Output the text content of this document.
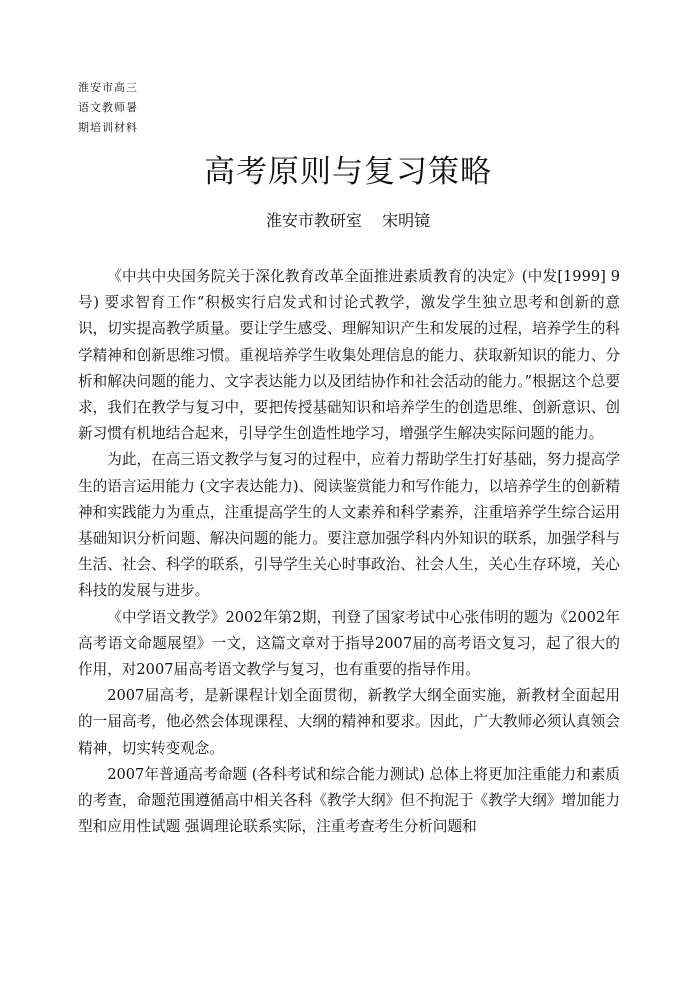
淮安市高三
语文教师暑
期培训材料
高考原则与复习策略
淮安市教研室    宋明镜

《中共中央国务院关于深化教育改革全面推进素质教育的决定》(中发[1999] 9号) 要求智育工作“积极实行启发式和讨论式教学，激发学生独立思考和创新的意识，切实提高教学质量。要让学生感受、理解知识产生和发展的过程，培养学生的科学精神和创新思维习惯。重视培养学生收集处理信息的能力、获取新知识的能力、分析和解决问题的能力、文字表达能力以及团结协作和社会活动的能力。”根据这个总要求，我们在教学与复习中，要把传授基础知识和培养学生的创造思维、创新意识、创新习惯有机地结合起来，引导学生创造性地学习，增强学生解决实际问题的能力。

为此，在高三语文教学与复习的过程中，应着力帮助学生打好基础，努力提高学生的语言运用能力 (文字表达能力)、阅读鉴赏能力和写作能力，以培养学生的创新精神和实践能力为重点，注重提高学生的人文素养和科学素养，注重培养学生综合运用基础知识分析问题、解决问题的能力。要注意加强学科内外知识的联系，加强学科与生活、社会、科学的联系，引导学生关心时事政治、社会人生，关心生存环境，关心科技的发展与进步。

《中学语文教学》2002年第2期，刊登了国家考试中心张伟明的题为《2002年高考语文命题展望》一文，这篇文章对于指导2007届的高考语文复习，起了很大的作用，对2007届高考语文教学与复习，也有重要的指导作用。

2007届高考，是新课程计划全面贯彻，新教学大纲全面实施，新教材全面起用的一届高考，他必然会体现课程、大纲的精神和要求。因此，广大教师必须认真领会精神，切实转变观念。

2007年普通高考命题 (各科考试和综合能力测试) 总体上将更加注重能力和素质的考查，命题范围遵循高中相关各科《教学大纲》但不拘泥于《教学大纲》增加能力型和应用性试题 强调理论联系实际，注重考查考生分析问题和
